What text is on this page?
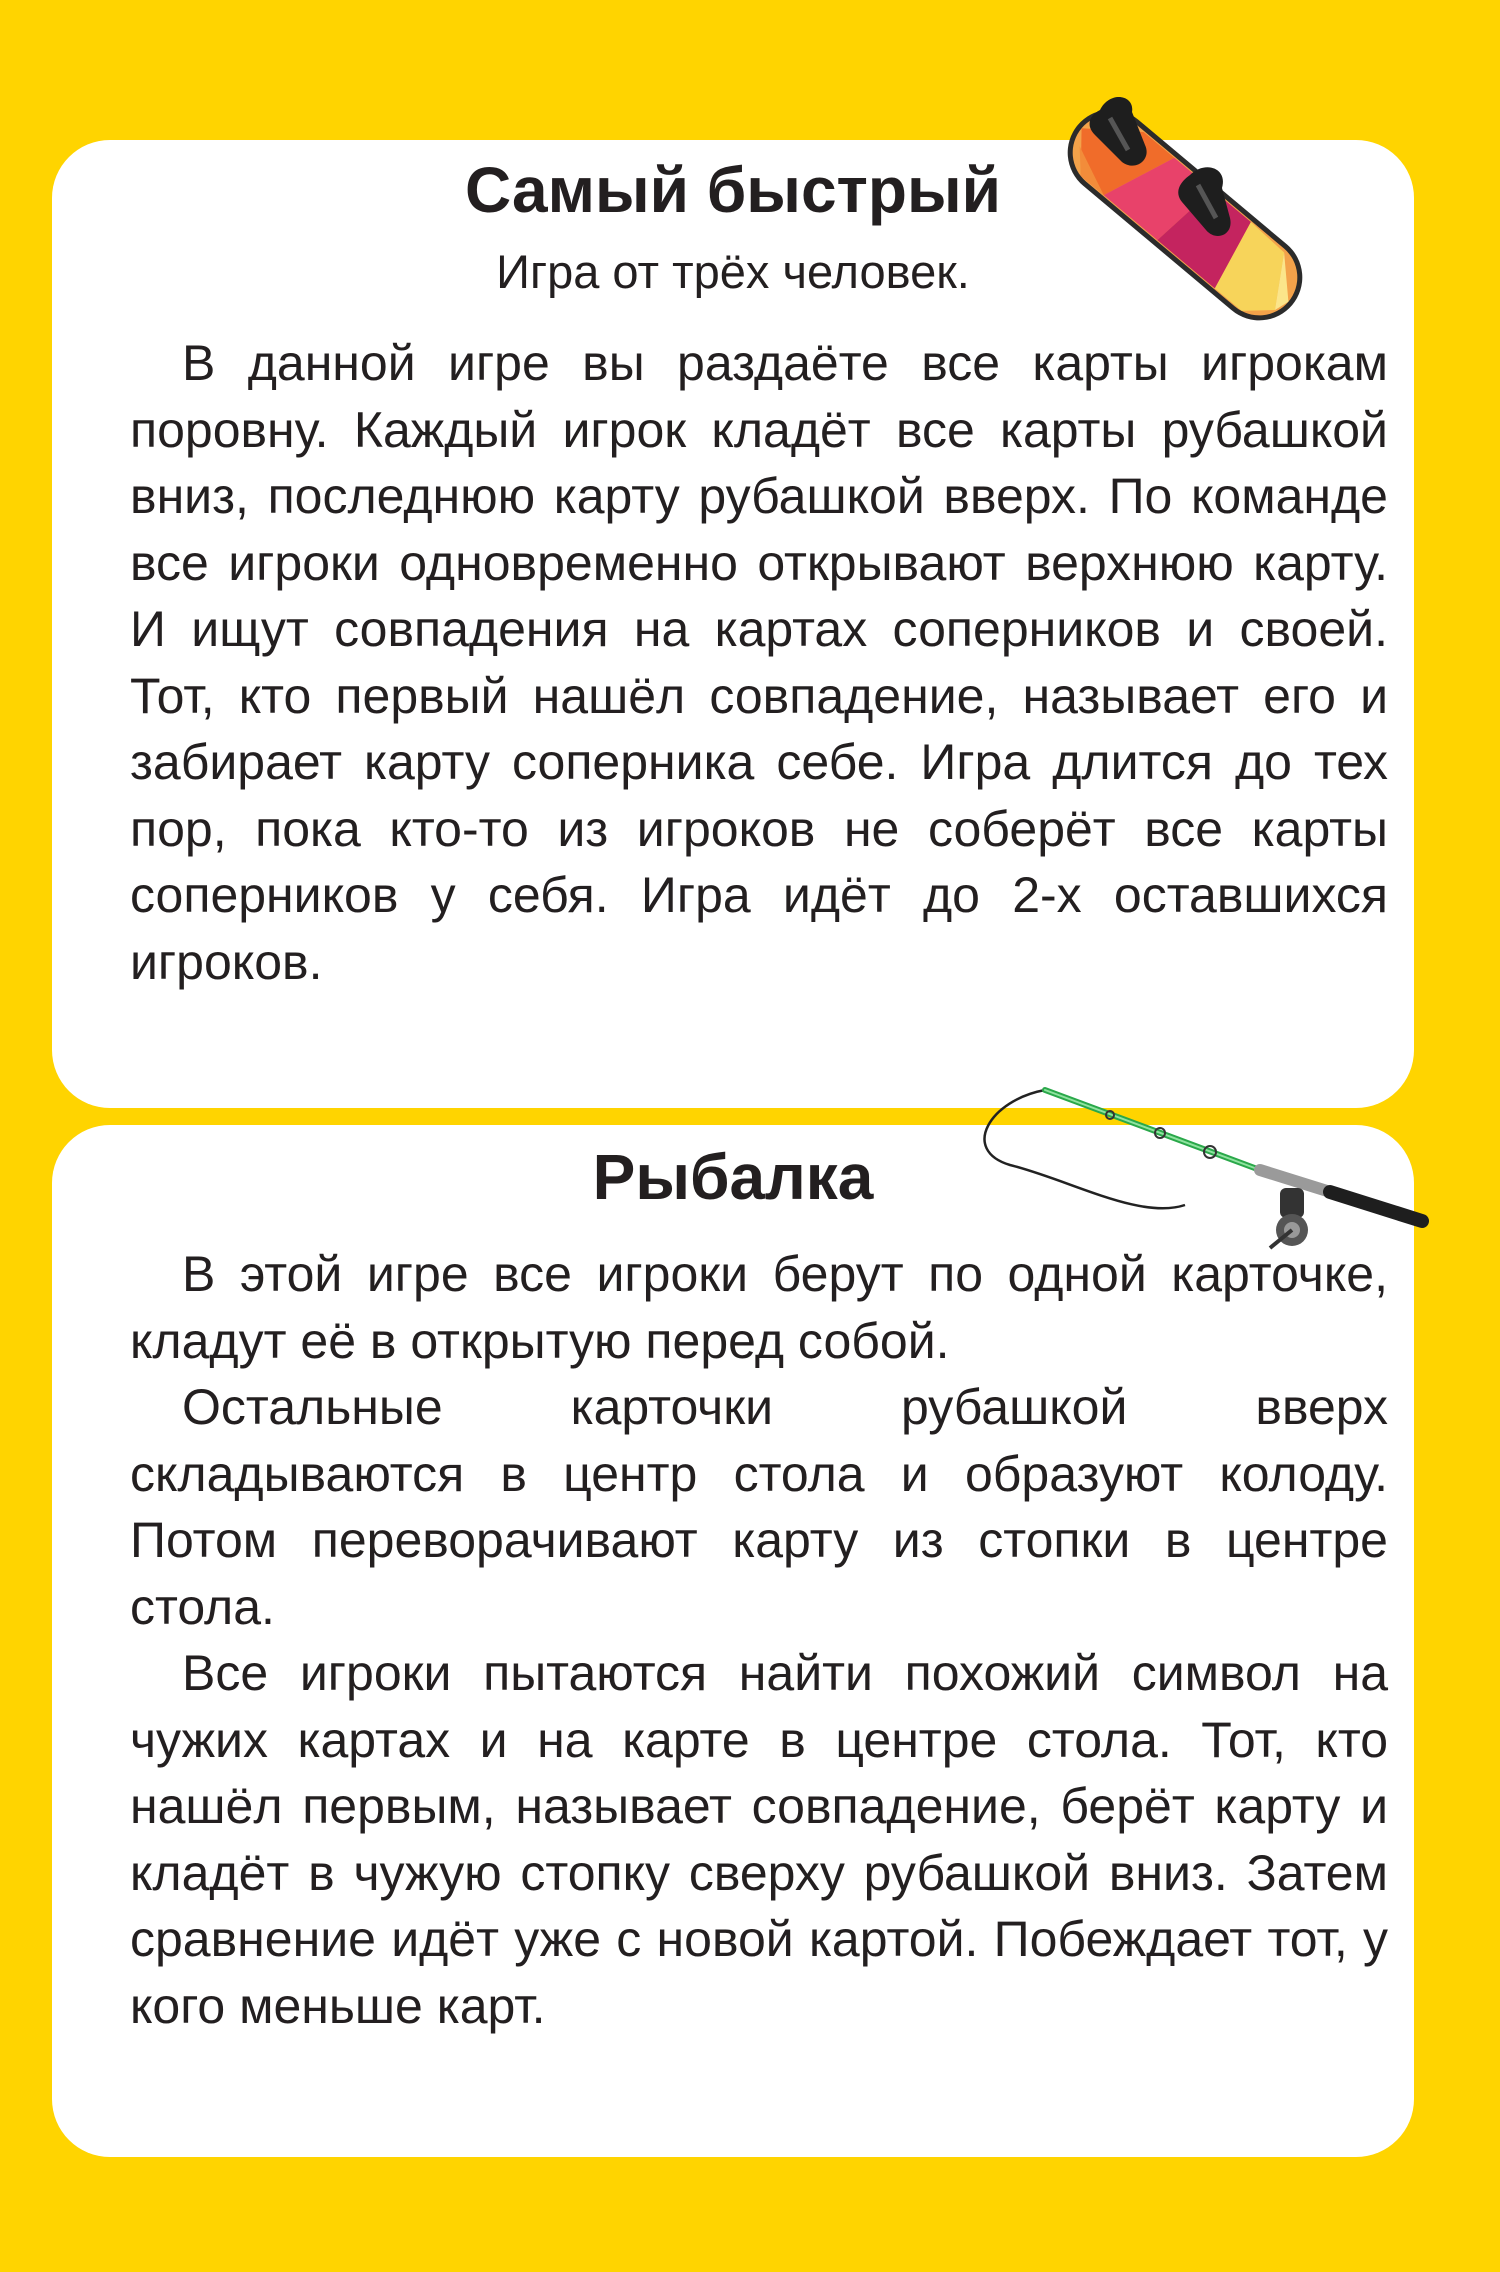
Самый быстрый
Игра от трёх человек.

В данной игре вы раздаёте все карты игрокам поровну. Каждый игрок кладёт все карты рубашкой вниз, последнюю карту рубашкой вверх. По команде все игроки одновременно открывают верхнюю карту. И ищут совпадения на картах соперников и своей. Тот, кто первый нашёл совпадение, называет его и забирает карту соперника себе. Игра длится до тех пор, пока кто-то из игроков не соберёт все карты соперников у себя. Игра идёт до 2-х оставшихся игроков.

Рыбалка

В этой игре все игроки берут по одной карточке, кладут её в открытую перед собой.

Остальные карточки рубашкой вверх складываются в центр стола и образуют колоду. Потом переворачивают карту из стопки в центре стола.

Все игроки пытаются найти похожий символ на чужих картах и на карте в центре стола. Тот, кто нашёл первым, называет совпадение, берёт карту и кладёт в чужую стопку сверху рубашкой вниз. Затем сравнение идёт уже с новой картой. Побеждает тот, у кого меньше карт.
